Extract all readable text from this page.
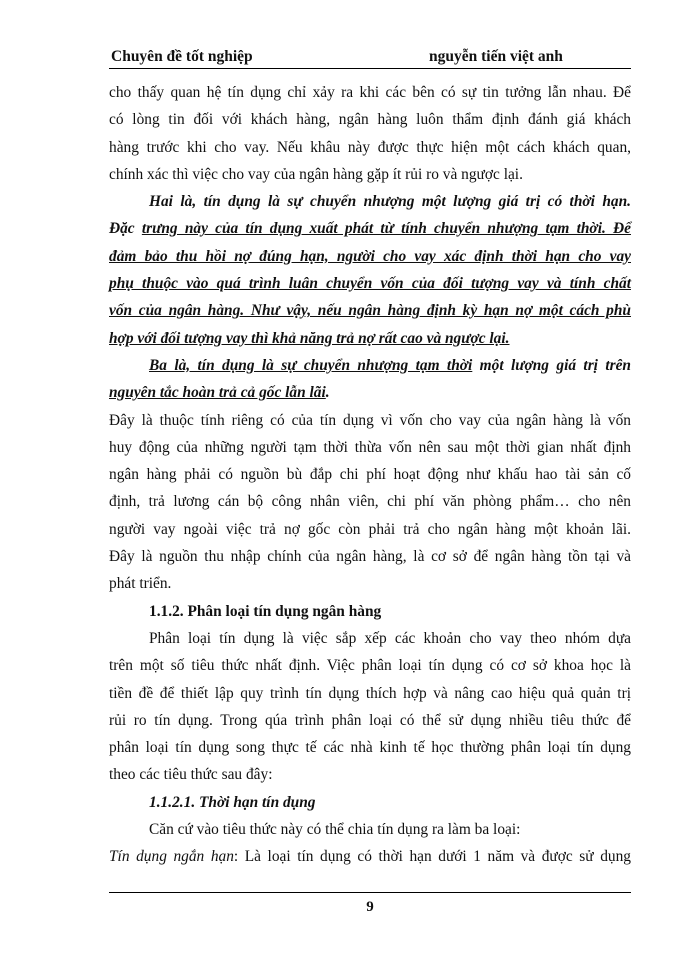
Chuyên đề tốt nghiệp	nguyễn tiến việt anh
cho thấy quan hệ tín dụng chỉ xảy ra khi các bên có sự tin tưởng lẫn nhau. Để
có lòng tin đối với khách hàng, ngân hàng luôn thẩm định đánh giá khách
hàng trước khi cho vay. Nếu khâu này được thực hiện một cách khách quan,
chính xác thì việc cho vay của ngân hàng gặp ít rủi ro và ngược lại.
Hai là, tín dụng là sự chuyển nhượng một lượng giá trị có thời hạn.
Đặc trưng này của tín dụng xuất phát từ tính chuyển nhượng tạm thời. Để
đảm bảo thu hồi nợ đúng hạn, người cho vay xác định thời hạn cho vay
phụ thuộc vào quá trình luân chuyển vốn của đối tượng vay và tính chất
vốn của ngân hàng. Như vậy, nếu ngân hàng định kỳ hạn nợ một cách phù
hợp với đối tượng vay thì khả năng trả nợ rất cao và ngược lại.
Ba là, tín dụng là sự chuyển nhượng tạm thời một lượng giá trị trên
nguyên tắc hoàn trả cả gốc lẫn lãi.
Đây là thuộc tính riêng có của tín dụng vì vốn cho vay của ngân hàng là vốn
huy động của những người tạm thời thừa vốn nên sau một thời gian nhất định
ngân hàng phải có nguồn bù đắp chi phí hoạt động như khấu hao tài sản cố
định, trả lương cán bộ công nhân viên, chi phí văn phòng phẩm… cho nên
người vay ngoài việc trả nợ gốc còn phải trả cho ngân hàng một khoản lãi.
Đây là nguồn thu nhập chính của ngân hàng, là cơ sở để ngân hàng tồn tại và
phát triển.
1.1.2. Phân loại tín dụng ngân hàng
Phân loại tín dụng là việc sắp xếp các khoản cho vay theo nhóm dựa
trên một số tiêu thức nhất định. Việc phân loại tín dụng có cơ sở khoa học là
tiền đề để thiết lập quy trình tín dụng thích hợp và nâng cao hiệu quả quản trị
rủi ro tín dụng. Trong qúa trình phân loại có thể sử dụng nhiều tiêu thức để
phân loại tín dụng song thực tế các nhà kinh tế học thường phân loại tín dụng
theo các tiêu thức sau đây:
1.1.2.1. Thời hạn tín dụng
Căn cứ vào tiêu thức này có thể chia tín dụng ra làm ba loại:
Tín dụng ngắn hạn: Là loại tín dụng có thời hạn dưới 1 năm và được sử dụng
9
